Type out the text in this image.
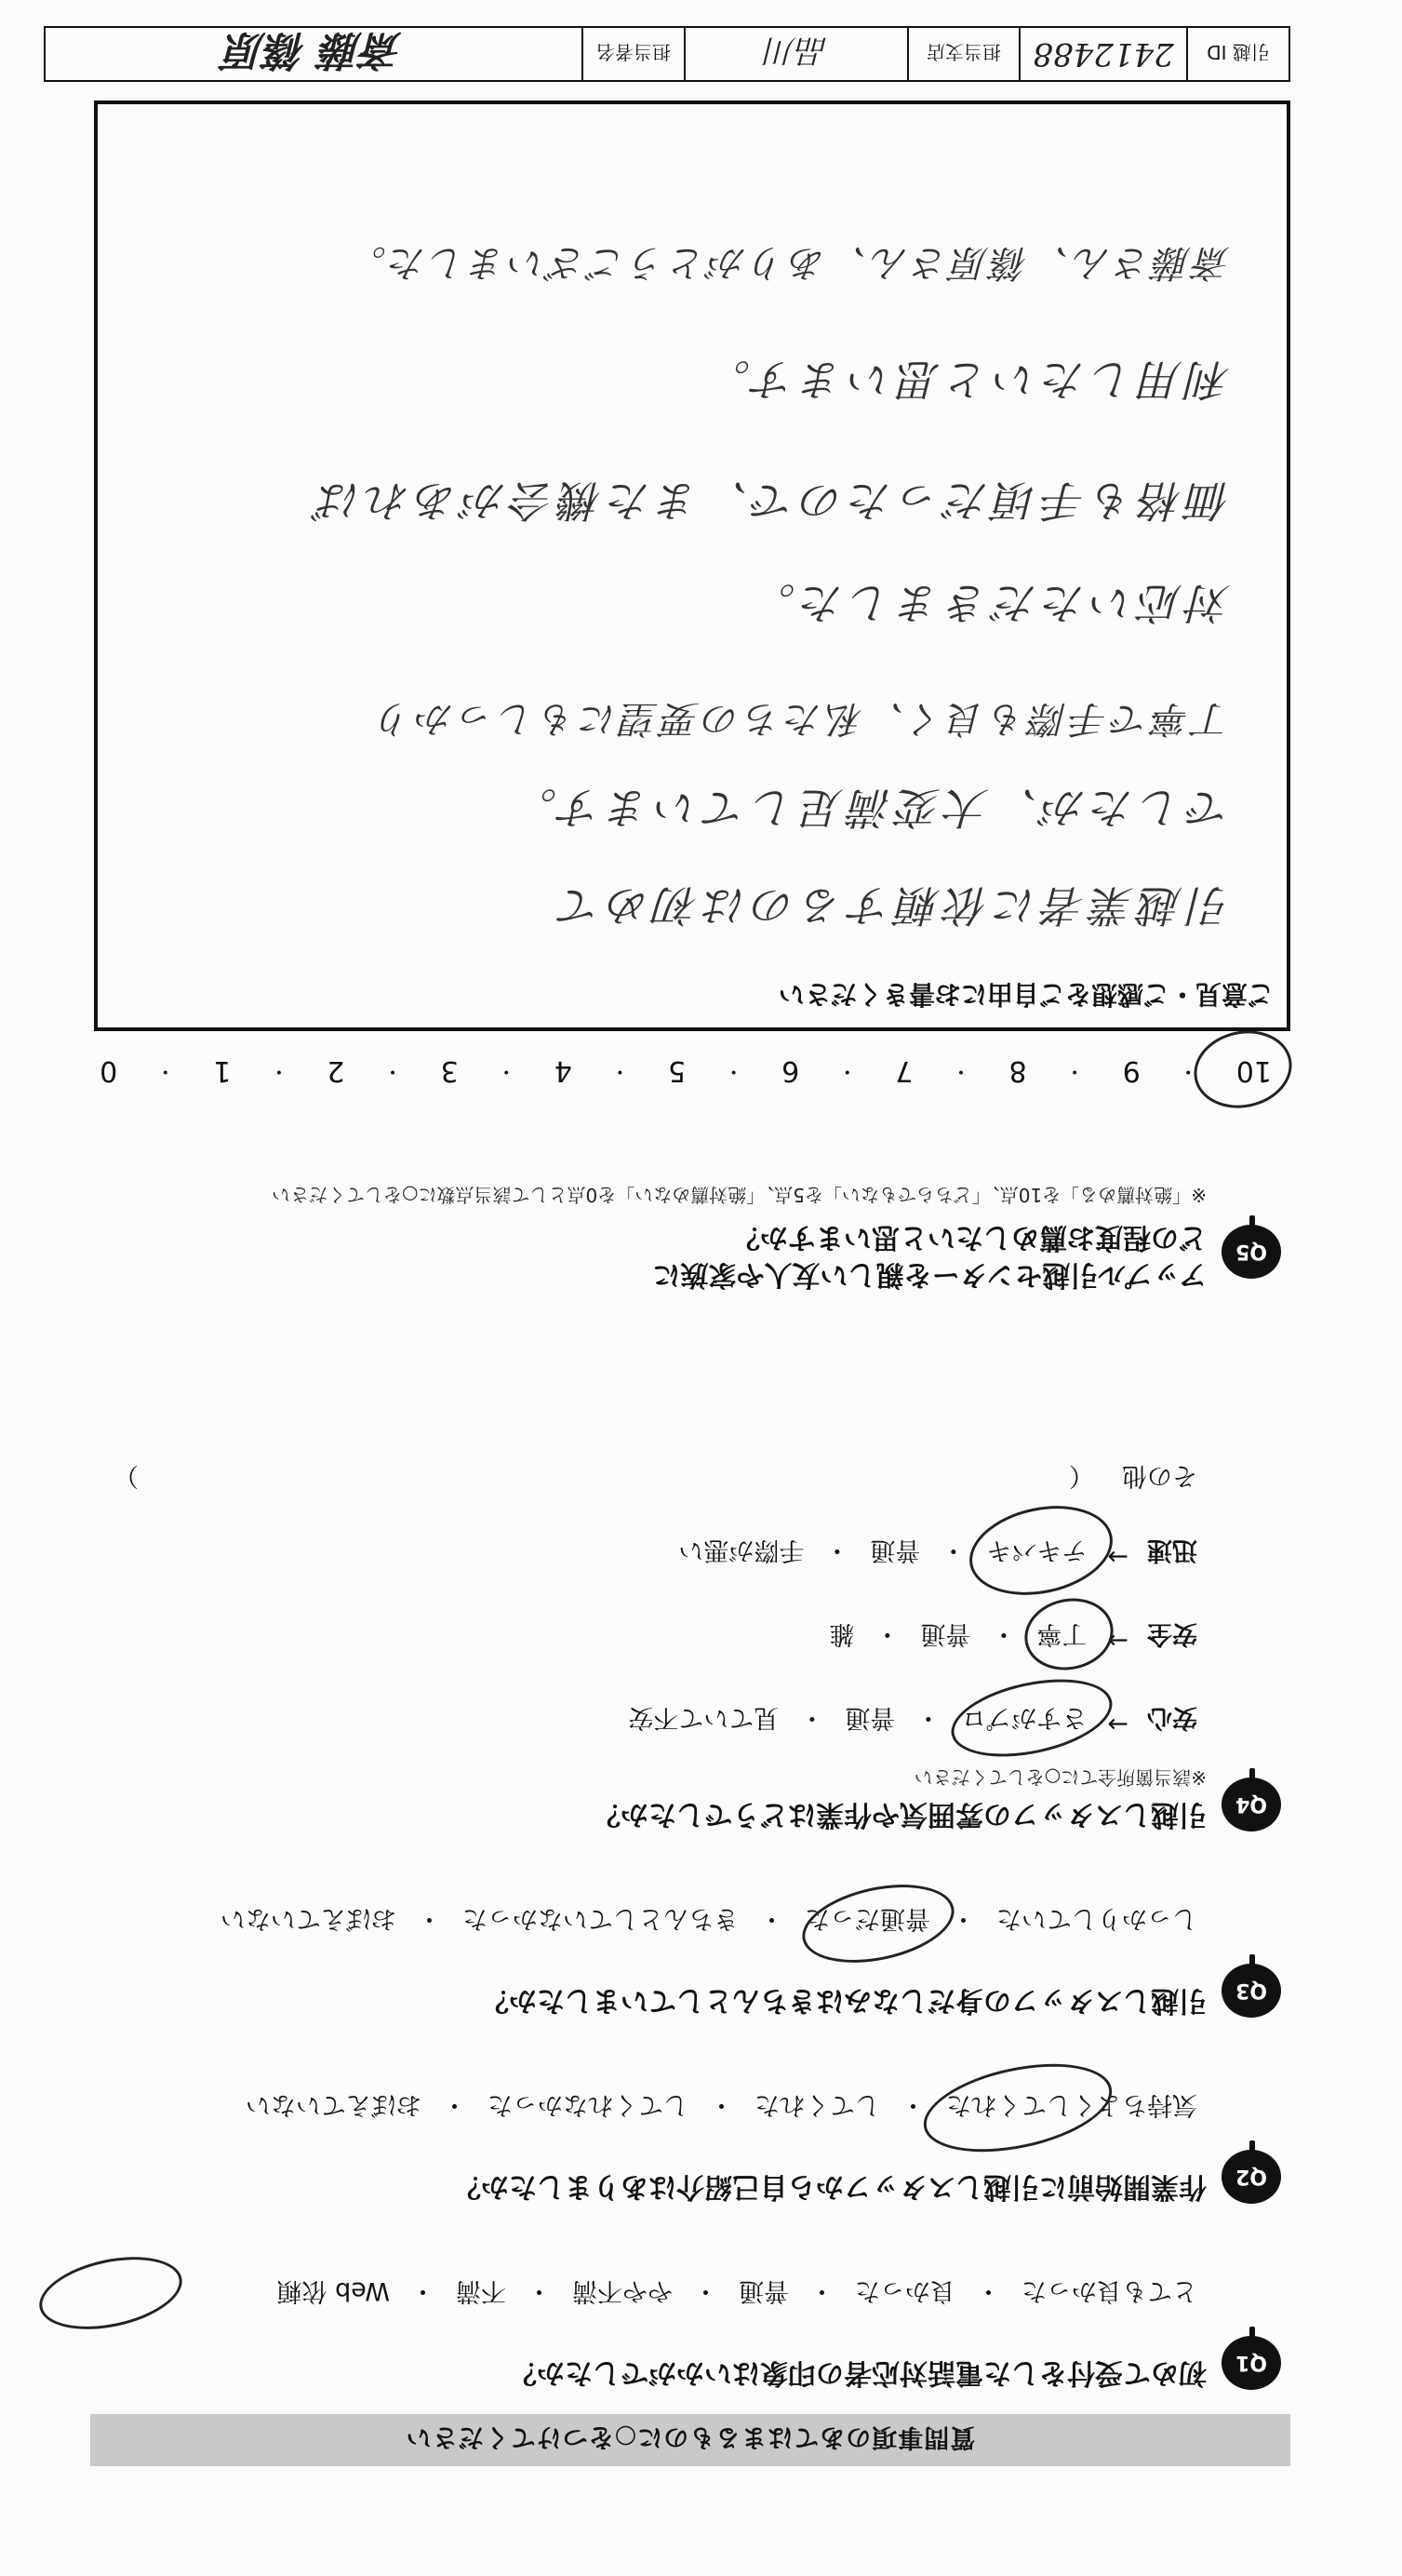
質問事項のあてはまるものに○をつけてください
Q1
初めて受付をした電話対応者の印象はいかがでしたか？
とても良かった
・
良かった
・
普通
・
やや不満
・
不満
・
Web 依頼
Q2
作業開始前に引越しスタッフから自己紹介はありましたか？
気持ちよくしてくれた
・
してくれた
・
してくれなかった
・
おぼえていない
Q3
引越しスタッフの身だしなみはきちんとしていましたか？
しっかりしていた
・
普通だった
・
きちんとしていなかった
・
おぼえていない
Q4
引越しスタッフの雰囲気や作業はどうでしたか？
※該当箇所全てに○をしてください
安心
→
さすがプロ
・
普通
・
見ていて不安
安全
→
丁寧
・
普通
・
雑
迅速
→
テキパキ
・
普通
・
手際が悪い
その他
（
）
Q5
アップル引越センターを親しい友人や家族に
どの程度お薦めしたいと思いますか？
※「絶対薦める」を10点、「どちらでもない」を5点、「絶対薦めない」を0点として該当点数に○をしてください
10
・
9
・
8
・
7
・
6
・
5
・
4
・
3
・
2
・
1
・
0
ご意見・ご感想をご自由にお書きください
引越業者に依頼するのは初めて
でしたが、大変満足しています。
丁寧で手際も良く、私たちの要望にもしっかり
対応いただきました。
価格も手頃だったので、また機会があれば
利用したいと思います。
斎藤さん、篠原さん、ありがとうございました。
引越 ID
2412488
担当支店
品川
担当者名
斎藤 篠原
